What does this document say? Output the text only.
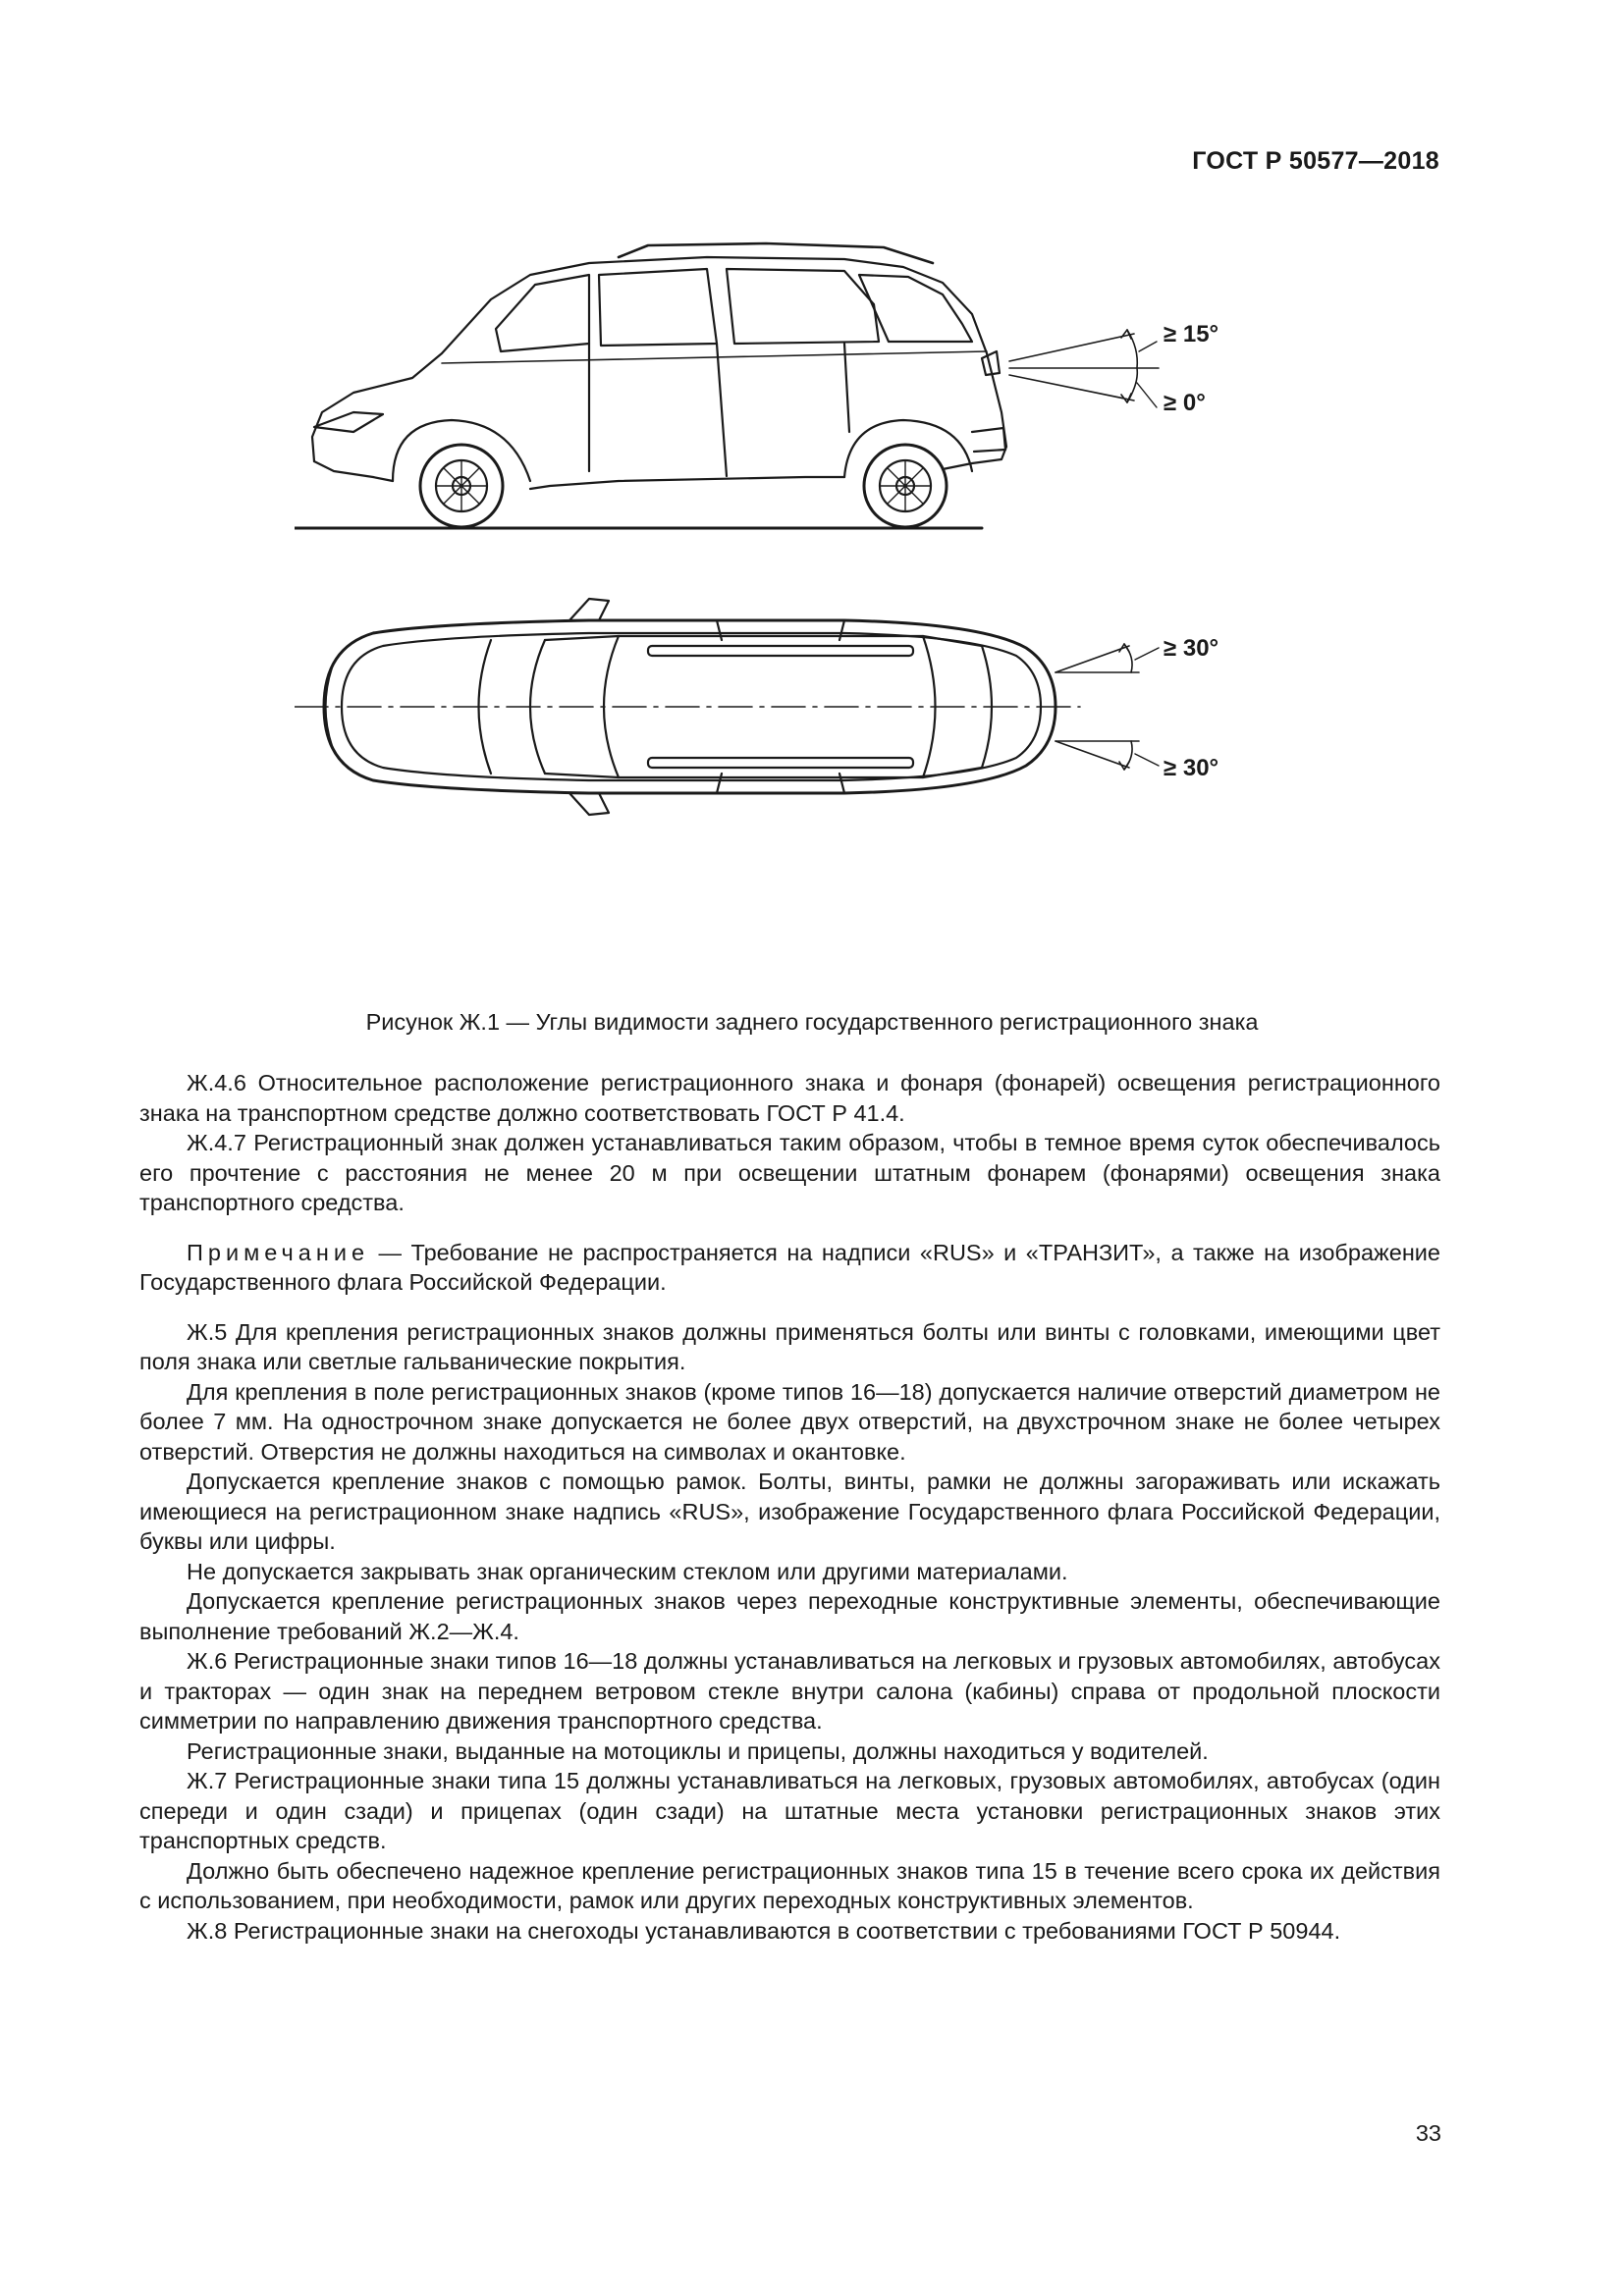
ГОСТ Р 50577—2018
≥ 15°
≥ 0°
≥ 30°
≥ 30°
Рисунок Ж.1 — Углы видимости заднего государственного регистрационного знака

Ж.4.6 Относительное расположение регистрационного знака и фонаря (фонарей) освещения регистрационного знака на транспортном средстве должно соответствовать ГОСТ Р 41.4.

Ж.4.7 Регистрационный знак должен устанавливаться таким образом, чтобы в темное время суток обеспечивалось его прочтение с расстояния не менее 20 м при освещении штатным фонарем (фонарями) освещения знака транспортного средства.

Примечание — Требование не распространяется на надписи «RUS» и «ТРАНЗИТ», а также на изображение Государственного флага Российской Федерации.

Ж.5 Для крепления регистрационных знаков должны применяться болты или винты с головками, имеющими цвет поля знака или светлые гальванические покрытия.

Для крепления в поле регистрационных знаков (кроме типов 16—18) допускается наличие отверстий диаметром не более 7 мм. На однострочном знаке допускается не более двух отверстий, на двухстрочном знаке не более четырех отверстий. Отверстия не должны находиться на символах и окантовке.

Допускается крепление знаков с помощью рамок. Болты, винты, рамки не должны загораживать или искажать имеющиеся на регистрационном знаке надпись «RUS», изображение Государственного флага Российской Федерации, буквы или цифры.

Не допускается закрывать знак органическим стеклом или другими материалами.

Допускается крепление регистрационных знаков через переходные конструктивные элементы, обеспечивающие выполнение требований Ж.2—Ж.4.

Ж.6 Регистрационные знаки типов 16—18 должны устанавливаться на легковых и грузовых автомобилях, автобусах и тракторах — один знак на переднем ветровом стекле внутри салона (кабины) справа от продольной плоскости симметрии по направлению движения транспортного средства.

Регистрационные знаки, выданные на мотоциклы и прицепы, должны находиться у водителей.

Ж.7 Регистрационные знаки типа 15 должны устанавливаться на легковых, грузовых автомобилях, автобусах (один спереди и один сзади) и прицепах (один сзади) на штатные места установки регистрационных знаков этих транспортных средств.

Должно быть обеспечено надежное крепление регистрационных знаков типа 15 в течение всего срока их действия с использованием, при необходимости, рамок или других переходных конструктивных элементов.

Ж.8 Регистрационные знаки на снегоходы устанавливаются в соответствии с требованиями ГОСТ Р 50944.

33
